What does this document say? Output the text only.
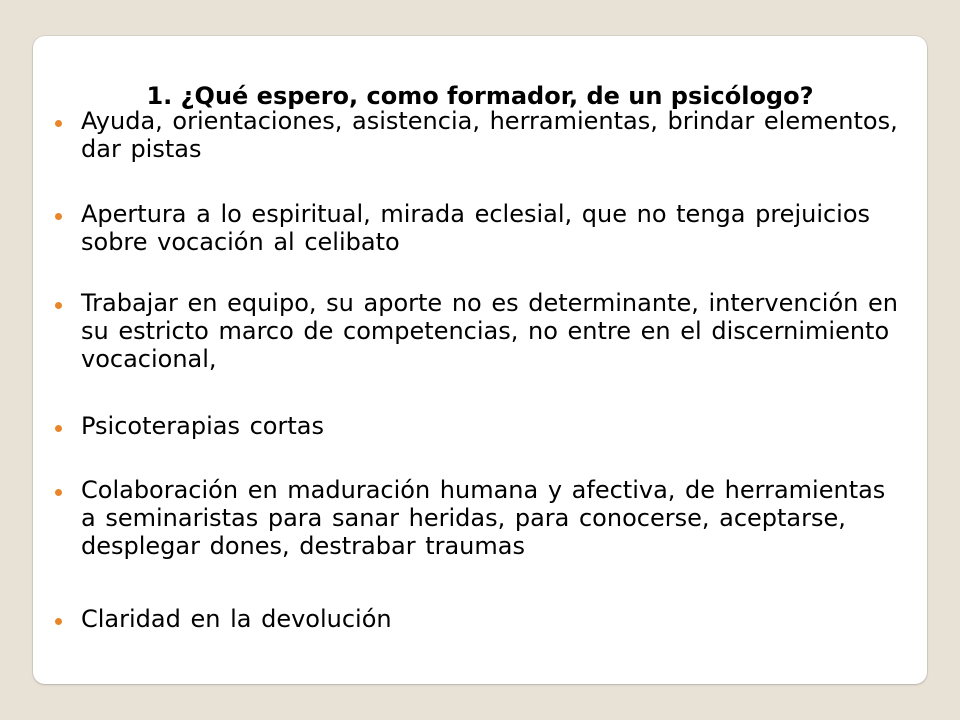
1. ¿Qué espero, como formador, de un psicólogo?
Ayuda, orientaciones, asistencia, herramientas, brindar elementos, dar pistas
Apertura a lo espiritual, mirada eclesial, que no tenga prejuicios sobre vocación al celibato
Trabajar en equipo, su aporte no es determinante, intervención en su estricto marco de competencias, no entre en el discernimiento vocacional,
Psicoterapias cortas
Colaboración en maduración humana y afectiva, de herramientas a seminaristas para sanar heridas, para conocerse, aceptarse, desplegar dones, destrabar traumas
Claridad en la devolución
